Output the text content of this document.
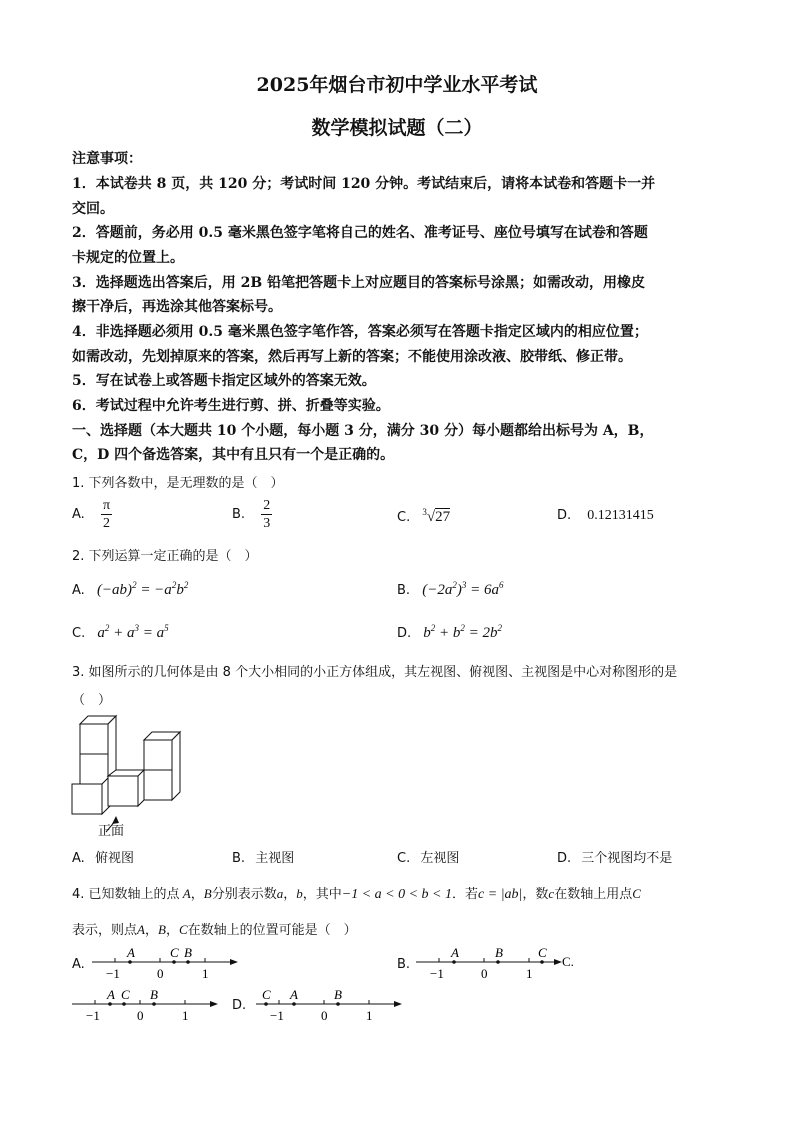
2025年烟台市初中学业水平考试
数学模拟试题（二）
注意事项：
1．本试卷共 8 页，共 120 分；考试时间 120 分钟。考试结束后，请将本试卷和答题卡一并
交回。
2．答题前，务必用 0.5 毫米黑色签字笔将自己的姓名、准考证号、座位号填写在试卷和答题
卡规定的位置上。
3．选择题选出答案后，用 2B 铅笔把答题卡上对应题目的答案标号涂黑；如需改动，用橡皮
擦干净后，再选涂其他答案标号。
4．非选择题必须用 0.5 毫米黑色签字笔作答，答案必须写在答题卡指定区域内的相应位置；
如需改动，先划掉原来的答案，然后再写上新的答案；不能使用涂改液、胶带纸、修正带。
5．写在试卷上或答题卡指定区域外的答案无效。
6．考试过程中允许考生进行剪、拼、折叠等实验。
一、选择题（本大题共 10 个小题，每小题 3 分，满分 30 分）每小题都给出标号为 A，B，
C，D 四个备选答案，其中有且只有一个是正确的。
1. 下列各数中，是无理数的是（　）
A. $\frac{\pi}{2}$	B. $\frac{2}{3}$	C. $^3$√27	D. 0.12131415
2. 下列运算一定正确的是（　）
A. $(-ab)^2 = -a^2b^2$	B. $(-2a^2)^3 = 6a^6$
C. $a^2 + a^3 = a^5$	D. $b^2 + b^2 = 2b^2$
3. 如图所示的几何体是由 8 个大小相同的小正方体组成，其左视图、俯视图、主视图是中心对称图形的是
（　）
正面
A. 俯视图	B. 主视图	C. 左视图	D. 三个视图均不是
4. 已知数轴上的点 A，B分别表示数a，b，其中−1 < a < 0 < b < 1．若c = |ab|，数c在数轴上用点C
表示，则点A，B，C在数轴上的位置可能是（　）
A.
A	C B
−1	0	1
B.
A	B	C
−1	0	1
C.
A C B
−1	0	1
D.
C A	B
−1	0	1
